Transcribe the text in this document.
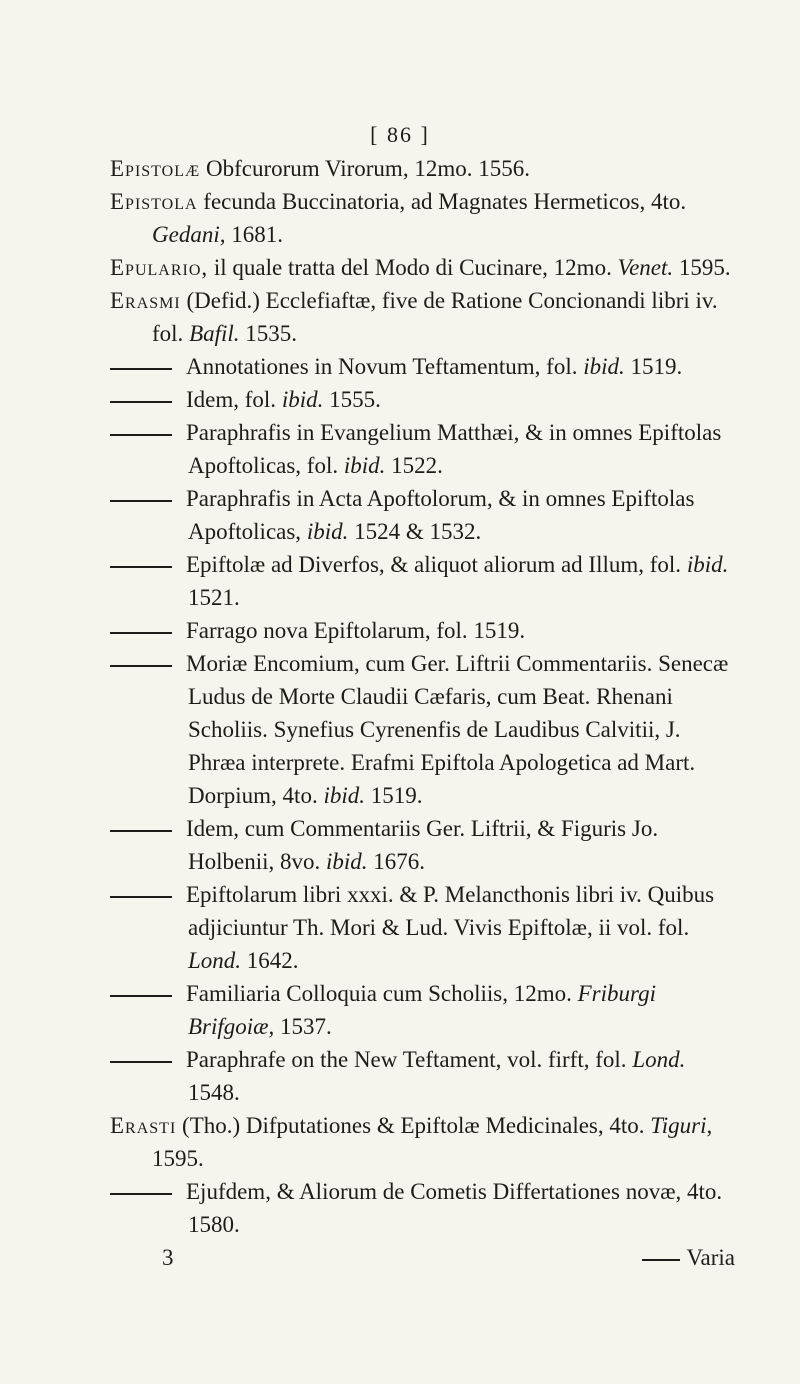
[ 86 ]

Epistolæ Obfcurorum Virorum, 12mo. 1556.

Epistola fecunda Buccinatoria, ad Magnates Hermeticos, 4to. Gedani, 1681.

Epulario, il quale tratta del Modo di Cucinare, 12mo. Venet. 1595.

Erasmi (Defid.) Ecclefiaftæ, five de Ratione Concionandi libri iv. fol. Bafil. 1535.

Annotationes in Novum Teftamentum, fol. ibid. 1519.

Idem, fol. ibid. 1555.

Paraphrafis in Evangelium Matthæi, & in omnes Epiftolas Apoftolicas, fol. ibid. 1522.

Paraphrafis in Acta Apoftolorum, & in omnes Epiftolas Apoftolicas, ibid. 1524 & 1532.

Epiftolæ ad Diverfos, & aliquot aliorum ad Illum, fol. ibid. 1521.

Farrago nova Epiftolarum, fol. 1519.

Moriæ Encomium, cum Ger. Liftrii Commentariis. Senecæ Ludus de Morte Claudii Cæfaris, cum Beat. Rhenani Scholiis. Synefius Cyrenenfis de Laudibus Calvitii, J. Phræa interprete. Erafmi Epiftola Apologetica ad Mart. Dorpium, 4to. ibid. 1519.

Idem, cum Commentariis Ger. Liftrii, & Figuris Jo. Holbenii, 8vo. ibid. 1676.

Epiftolarum libri xxxi. & P. Melancthonis libri iv. Quibus adjiciuntur Th. Mori & Lud. Vivis Epiftolæ, ii vol. fol. Lond. 1642.

Familiaria Colloquia cum Scholiis, 12mo. Friburgi Brifgoiæ, 1537.

Paraphrafe on the New Teftament, vol. firft, fol. Lond. 1548.

Erasti (Tho.) Difputationes & Epiftolæ Medicinales, 4to. Tiguri, 1595.

Ejufdem, & Aliorum de Cometis Differtationes novæ, 4to. 1580.

3	Varia
